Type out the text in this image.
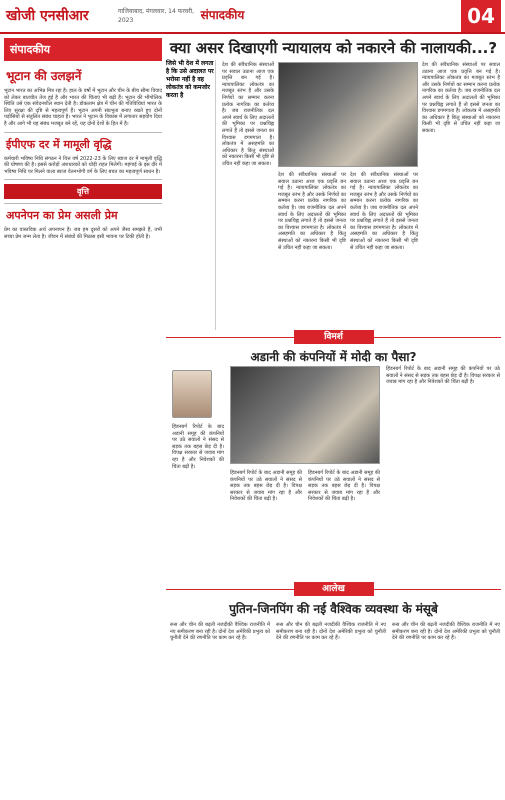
खोजी एनसीआर	गाजियाबाद, मंगलवार, 14 फरवरी, 2023	संपादकीय	04
संपादकीय
भूटान की उलझनें
भूटान भारत का अभिन्न मित्र रहा है। हाल के वर्षों में भूटान और चीन के बीच सीमा विवाद को लेकर बातचीत तेज हुई है और भारत की चिंताएं भी बढ़ी हैं। भूटान की भौगोलिक स्थिति उसे एक संवेदनशील स्थान देती है। डोकलाम क्षेत्र में चीन की गतिविधियां भारत के लिए सुरक्षा की दृष्टि से महत्वपूर्ण हैं। भूटान अपनी संप्रभुता बनाए रखते हुए दोनों पड़ोसियों से संतुलित संबंध चाहता है। भारत ने भूटान के विकास में लगातार सहयोग दिया है और आगे भी यह संबंध मजबूत बने रहें, यह दोनों देशों के हित में है।
ईपीएफ दर में मामूली वृद्धि
कर्मचारी भविष्य निधि संगठन ने वित्त वर्ष 2022-23 के लिए ब्याज दर में मामूली वृद्धि की घोषणा की है। इससे करोड़ों अंशधारकों को थोड़ी राहत मिलेगी। महंगाई के इस दौर में भविष्य निधि पर मिलने वाला ब्याज वेतनभोगी वर्ग के लिए बचत का महत्वपूर्ण साधन है।
वृत्ति
अपनेपन का प्रेम असली प्रेम
प्रेम का वास्तविक अर्थ अपनापन है। जब हम दूसरों को अपने जैसा समझते हैं, तभी सच्चा प्रेम जन्म लेता है। जीवन में संबंधों की मिठास इसी भावना पर टिकी होती है।
क्या असर दिखाएगी न्यायालय को नकारने की नालायकी...?
जिसे भी देश में लगता है कि उसे अदालत पर भरोसा नहीं है वह लोकतंत्र को कमजोर करता है
देश की संवैधानिक संस्थाओं पर सवाल उठाना आज एक प्रवृत्ति बन गई है। न्यायपालिका लोकतंत्र का मजबूत स्तंभ है और उसके निर्णयों का सम्मान करना प्रत्येक नागरिक का कर्तव्य है। जब राजनीतिक दल अपने स्वार्थ के लिए अदालतों की भूमिका पर प्रश्नचिह्न लगाते हैं तो इससे जनता का विश्वास डगमगाता है। लोकतंत्र में असहमति का अधिकार है किंतु संस्थाओं को नकारना किसी भी दृष्टि से उचित नहीं कहा जा सकता।
देश की संवैधानिक संस्थाओं पर सवाल उठाना आज एक प्रवृत्ति बन गई है। न्यायपालिका लोकतंत्र का मजबूत स्तंभ है और उसके निर्णयों का सम्मान करना प्रत्येक नागरिक का कर्तव्य है। जब राजनीतिक दल अपने स्वार्थ के लिए अदालतों की भूमिका पर प्रश्नचिह्न लगाते हैं तो इससे जनता का विश्वास डगमगाता है। लोकतंत्र में असहमति का अधिकार है किंतु संस्थाओं को नकारना किसी भी दृष्टि से उचित नहीं कहा जा सकता।
देश की संवैधानिक संस्थाओं पर सवाल उठाना आज एक प्रवृत्ति बन गई है। न्यायपालिका लोकतंत्र का मजबूत स्तंभ है और उसके निर्णयों का सम्मान करना प्रत्येक नागरिक का कर्तव्य है। जब राजनीतिक दल अपने स्वार्थ के लिए अदालतों की भूमिका पर प्रश्नचिह्न लगाते हैं तो इससे जनता का विश्वास डगमगाता है। लोकतंत्र में असहमति का अधिकार है किंतु संस्थाओं को नकारना किसी भी दृष्टि से उचित नहीं कहा जा सकता।
देश की संवैधानिक संस्थाओं पर सवाल उठाना आज एक प्रवृत्ति बन गई है। न्यायपालिका लोकतंत्र का मजबूत स्तंभ है और उसके निर्णयों का सम्मान करना प्रत्येक नागरिक का कर्तव्य है। जब राजनीतिक दल अपने स्वार्थ के लिए अदालतों की भूमिका पर प्रश्नचिह्न लगाते हैं तो इससे जनता का विश्वास डगमगाता है। लोकतंत्र में असहमति का अधिकार है किंतु संस्थाओं को नकारना किसी भी दृष्टि से उचित नहीं कहा जा सकता।
विमर्श
अडानी की कंपनियों में मोदी का पैसा?
हिंडनबर्ग रिपोर्ट के बाद अडानी समूह की कंपनियों पर उठे सवालों ने संसद से सड़क तक बहस छेड़ दी है। विपक्ष सरकार से जवाब मांग रहा है और निवेशकों की चिंता बढ़ी है।
हिंडनबर्ग रिपोर्ट के बाद अडानी समूह की कंपनियों पर उठे सवालों ने संसद से सड़क तक बहस छेड़ दी है। विपक्ष सरकार से जवाब मांग रहा है और निवेशकों की चिंता बढ़ी है।
हिंडनबर्ग रिपोर्ट के बाद अडानी समूह की कंपनियों पर उठे सवालों ने संसद से सड़क तक बहस छेड़ दी है। विपक्ष सरकार से जवाब मांग रहा है और निवेशकों की चिंता बढ़ी है।
हिंडनबर्ग रिपोर्ट के बाद अडानी समूह की कंपनियों पर उठे सवालों ने संसद से सड़क तक बहस छेड़ दी है। विपक्ष सरकार से जवाब मांग रहा है और निवेशकों की चिंता बढ़ी है।
आलेख
पुतिन-जिनपिंग की नई वैश्विक व्यवस्था के मंसूबे
रूस और चीन की बढ़ती नजदीकी वैश्विक राजनीति में नए समीकरण बना रही है। दोनों देश अमेरिकी प्रभुत्व को चुनौती देने की रणनीति पर काम कर रहे हैं।
रूस और चीन की बढ़ती नजदीकी वैश्विक राजनीति में नए समीकरण बना रही है। दोनों देश अमेरिकी प्रभुत्व को चुनौती देने की रणनीति पर काम कर रहे हैं।
रूस और चीन की बढ़ती नजदीकी वैश्विक राजनीति में नए समीकरण बना रही है। दोनों देश अमेरिकी प्रभुत्व को चुनौती देने की रणनीति पर काम कर रहे हैं।
